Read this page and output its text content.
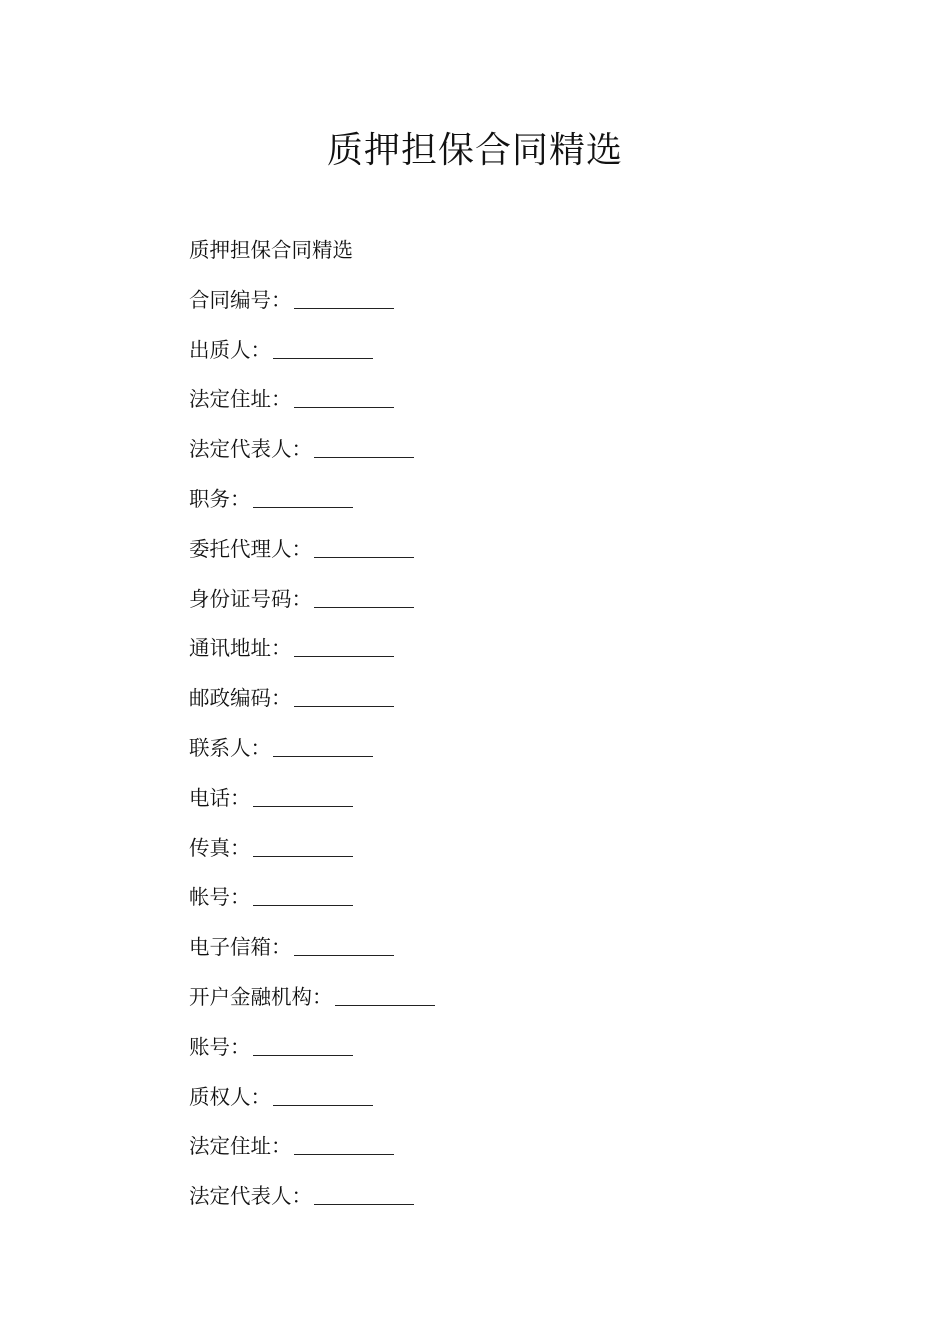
质押担保合同精选
质押担保合同精选
合同编号：
出质人：
法定住址：
法定代表人：
职务：
委托代理人：
身份证号码：
通讯地址：
邮政编码：
联系人：
电话：
传真：
帐号：
电子信箱：
开户金融机构：
账号：
质权人：
法定住址：
法定代表人：
